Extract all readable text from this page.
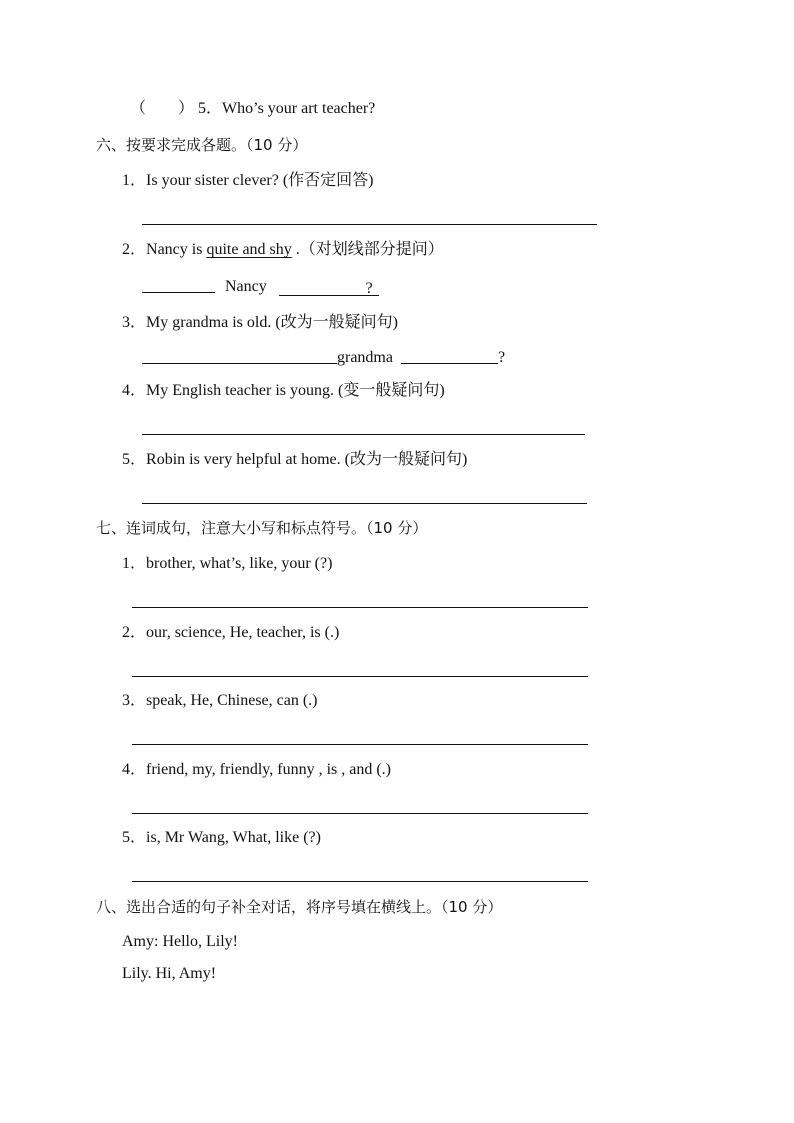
（　　） 5．Who’s your art teacher?
六、按要求完成各题。（10 分）
1．Is your sister clever? (作否定回答)
2．Nancy is quite and shy .（对划线部分提问）
Nancy	?
3．My grandma is old. (改为一般疑问句)
grandma	?
4．My English teacher is young. (变一般疑问句)
5．Robin is very helpful at home. (改为一般疑问句)
七、连词成句，注意大小写和标点符号。（10 分）
1．brother, what’s, like, your (?)
2．our, science, He, teacher, is (.)
3．speak, He, Chinese, can (.)
4．friend, my, friendly, funny , is , and (.)
5．is, Mr Wang, What, like (?)
八、选出合适的句子补全对话，将序号填在横线上。（10 分）
Amy: Hello, Lily!
Lily. Hi, Amy!
